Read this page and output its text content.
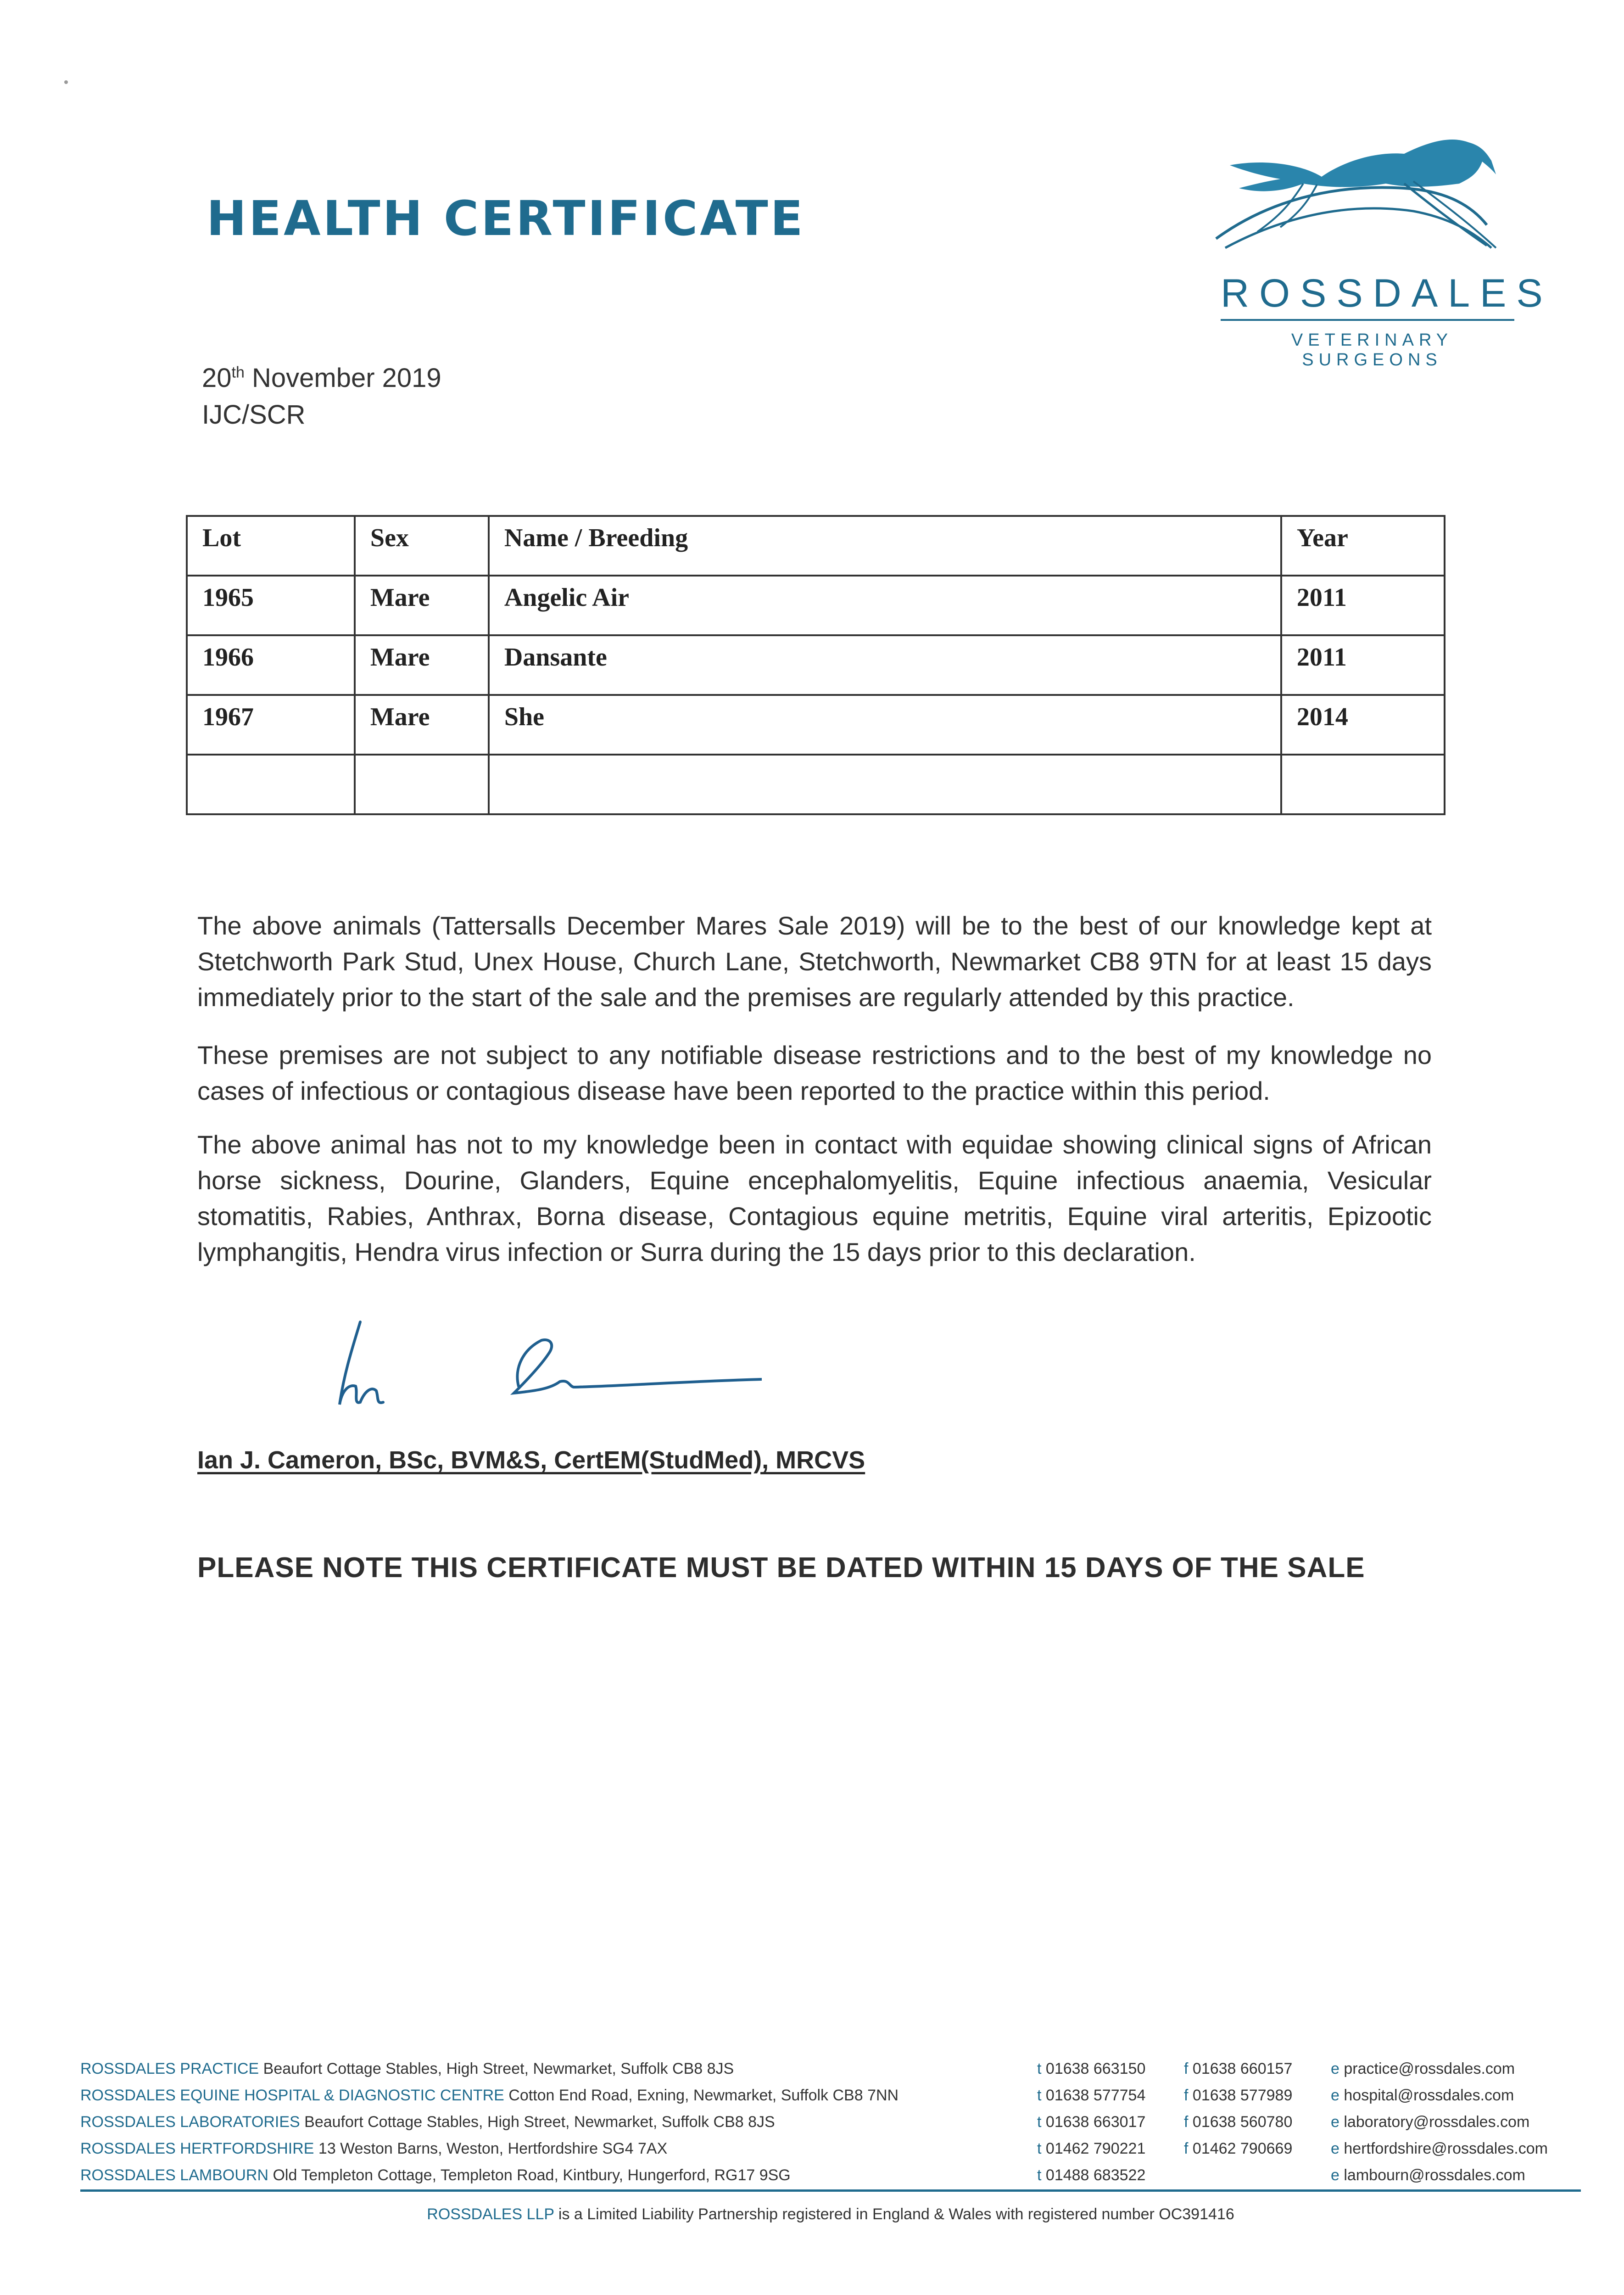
HEALTH CERTIFICATE
ROSSDALES
VETERINARY SURGEONS
20th November 2019
IJC/SCR
Lot	Sex	Name / Breeding	Year
1965	Mare	Angelic Air	2011
1966	Mare	Dansante	2011
1967	Mare	She	2014

The above animals (Tattersalls December Mares Sale 2019) will be to the best of our knowledge kept at Stetchworth Park Stud, Unex House, Church Lane, Stetchworth, Newmarket CB8 9TN for at least 15 days immediately prior to the start of the sale and the premises are regularly attended by this practice.
These premises are not subject to any notifiable disease restrictions and to the best of my knowledge no cases of infectious or contagious disease have been reported to the practice within this period.
The above animal has not to my knowledge been in contact with equidae showing clinical signs of African horse sickness, Dourine, Glanders, Equine encephalomyelitis, Equine infectious anaemia, Vesicular stomatitis, Rabies, Anthrax, Borna disease, Contagious equine metritis, Equine viral arteritis, Epizootic lymphangitis, Hendra virus infection or Surra during the 15 days prior to this declaration.
Ian J. Cameron, BSc, BVM&S, CertEM(StudMed), MRCVS
PLEASE NOTE THIS CERTIFICATE MUST BE DATED WITHIN 15 DAYS OF THE SALE
ROSSDALES PRACTICE Beaufort Cottage Stables, High Street, Newmarket, Suffolk CB8 8JS	t 01638 663150	f 01638 660157	e practice@rossdales.com
ROSSDALES EQUINE HOSPITAL & DIAGNOSTIC CENTRE Cotton End Road, Exning, Newmarket, Suffolk CB8 7NN	t 01638 577754	f 01638 577989	e hospital@rossdales.com
ROSSDALES LABORATORIES Beaufort Cottage Stables, High Street, Newmarket, Suffolk CB8 8JS	t 01638 663017	f 01638 560780	e laboratory@rossdales.com
ROSSDALES HERTFORDSHIRE 13 Weston Barns, Weston, Hertfordshire SG4 7AX	t 01462 790221	f 01462 790669	e hertfordshire@rossdales.com
ROSSDALES LAMBOURN Old Templeton Cottage, Templeton Road, Kintbury, Hungerford, RG17 9SG	t 01488 683522	e lambourn@rossdales.com
ROSSDALES LLP is a Limited Liability Partnership registered in England & Wales with registered number OC391416
